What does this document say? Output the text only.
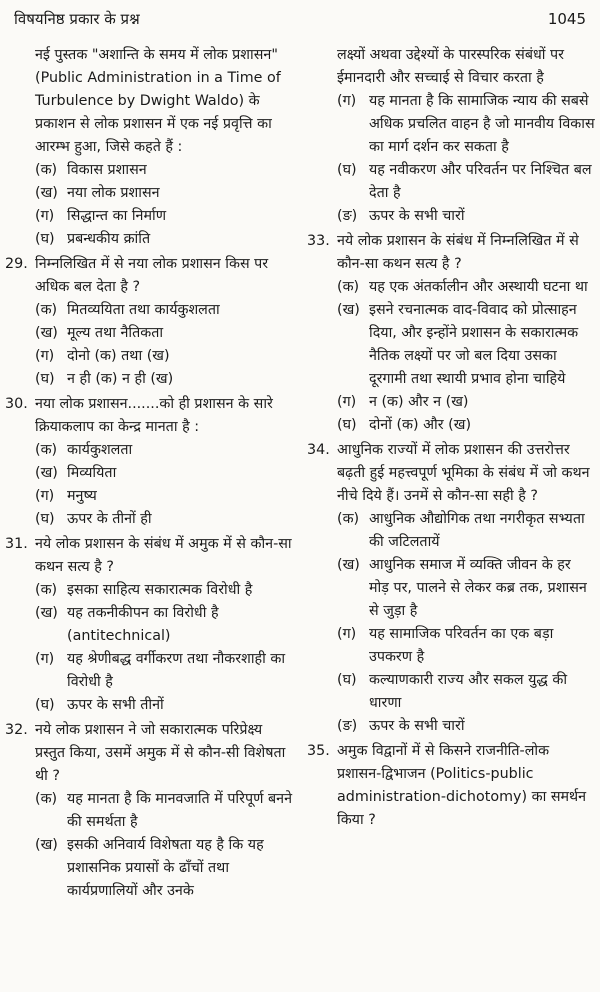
विषयनिष्ठ प्रकार के प्रश्न	1045

नई पुस्तक "अशान्ति के समय में लोक प्रशासन" (Public Administration in a Time of Turbulence by Dwight Waldo) के प्रकाशन से लोक प्रशासन में एक नई प्रवृत्ति का आरम्भ हुआ, जिसे कहते हैं :

(क) विकास प्रशासन

(ख) नया लोक प्रशासन

(ग) सिद्धान्त का निर्माण

(घ) प्रबन्धकीय क्रांति

29. निम्नलिखित में से नया लोक प्रशासन किस पर अधिक बल देता है ?

(क) मितव्ययिता तथा कार्यकुशलता

(ख) मूल्य तथा नैतिकता

(ग) दोनो (क) तथा (ख)

(घ) न ही (क) न ही (ख)

30. नया लोक प्रशासन.......को ही प्रशासन के सारे क्रियाकलाप का केन्द्र मानता है :

(क) कार्यकुशलता

(ख) मिव्ययिता

(ग) मनुष्य

(घ) ऊपर के तीनों ही

31. नये लोक प्रशासन के संबंध में अमुक में से कौन-सा कथन सत्य है ?

(क) इसका साहित्य सकारात्मक विरोधी है

(ख) यह तकनीकीपन का विरोधी है (antitechnical)

(ग) यह श्रेणीबद्ध वर्गीकरण तथा नौकरशाही का विरोधी है

(घ) ऊपर के सभी तीनों

32. नये लोक प्रशासन ने जो सकारात्मक परिप्रेक्ष्य प्रस्तुत किया, उसमें अमुक में से कौन-सी विशेषता थी ?

(क) यह मानता है कि मानवजाति में परिपूर्ण बनने की समर्थता है

(ख) इसकी अनिवार्य विशेषता यह है कि यह प्रशासनिक प्रयासों के ढाँचों तथा कार्यप्रणालियों और उनके

लक्ष्यों अथवा उद्देश्यों के पारस्परिक संबंधों पर ईमानदारी और सच्चाई से विचार करता है

(ग) यह मानता है कि सामाजिक न्याय की सबसे अधिक प्रचलित वाहन है जो मानवीय विकास का मार्ग दर्शन कर सकता है

(घ) यह नवीकरण और परिवर्तन पर निश्चित बल देता है

(ङ) ऊपर के सभी चारों

33. नये लोक प्रशासन के संबंध में निम्नलिखित में से कौन-सा कथन सत्य है ?

(क) यह एक अंतर्कालीन और अस्थायी घटना था

(ख) इसने रचनात्मक वाद-विवाद को प्रोत्साहन दिया, और इन्होंने प्रशासन के सकारात्मक नैतिक लक्ष्यों पर जो बल दिया उसका दूरगामी तथा स्थायी प्रभाव होना चाहिये

(ग) न (क) और न (ख)

(घ) दोनों (क) और (ख)

34. आधुनिक राज्यों में लोक प्रशासन की उत्तरोत्तर बढ़ती हुई महत्त्वपूर्ण भूमिका के संबंध में जो कथन नीचे दिये हैं। उनमें से कौन-सा सही है ?

(क) आधुनिक औद्योगिक तथा नगरीकृत सभ्यता की जटिलतायें

(ख) आधुनिक समाज में व्यक्ति जीवन के हर मोड़ पर, पालने से लेकर कब्र तक, प्रशासन से जुड़ा है

(ग) यह सामाजिक परिवर्तन का एक बड़ा उपकरण है

(घ) कल्याणकारी राज्य और सकल युद्ध की धारणा

(ङ) ऊपर के सभी चारों

35. अमुक विद्वानों में से किसने राजनीति-लोक प्रशासन-द्विभाजन (Politics-public administration-dichotomy) का समर्थन किया ?
